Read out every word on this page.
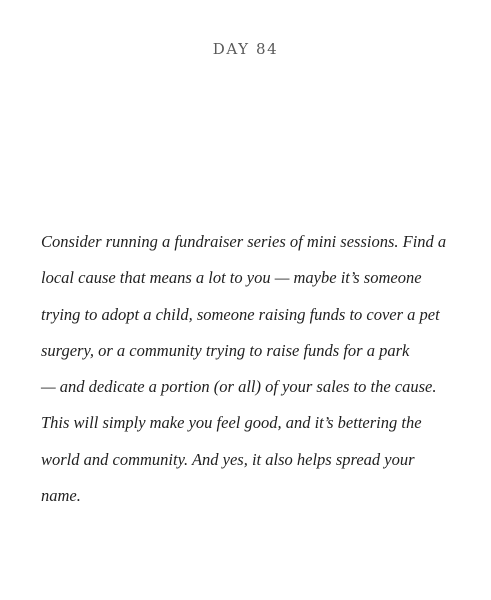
DAY 84

Consider running a fundraiser series of mini sessions. Find a
local cause that means a lot to you — maybe it’s someone
trying to adopt a child, someone raising funds to cover a pet
surgery, or a community trying to raise funds for a park
— and dedicate a portion (or all) of your sales to the cause.
This will simply make you feel good, and it’s bettering the
world and community. And yes, it also helps spread your
name.
